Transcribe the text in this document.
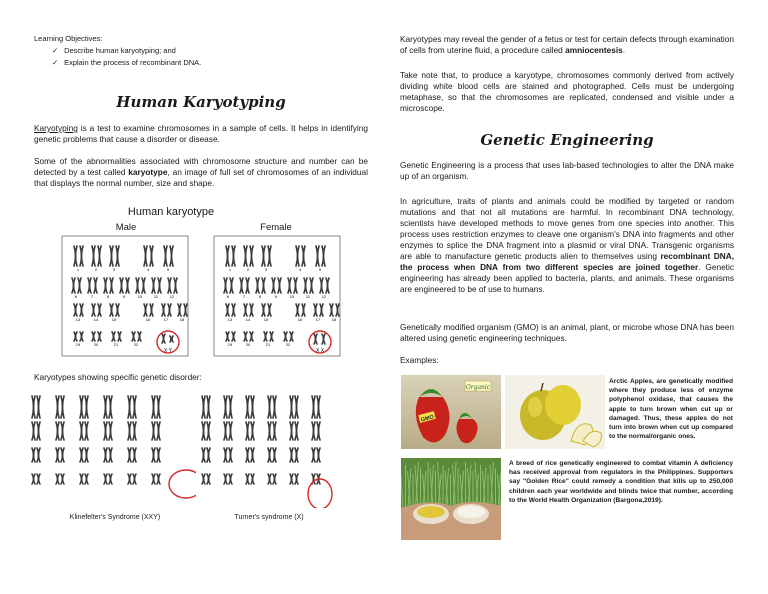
Learning Objectives:
✓ Describe human karyotyping; and
✓ Explain the process of recombinant DNA.
Human Karyotyping

Karyotyping is a test to examine chromosomes in a sample of cells. It helps in identifying genetic problems that cause a disorder or disease.

Some of the abnormalities associated with chromosome structure and number can be detected by a test called karyotype, an image of full set of chromosomes of an individual that displays the normal number, size and shape.

Human karyotype
Male	Female
1	2	3	4	5
6	7	8	9	10	11	12
13	14	15	16	17	18
19	20	21	22
1	2	3	4	5
6	7	8	9	10	11	12
13	14	15	16	17	18
19	20	21	22
X Y	X X
Karyotypes showing specific genetic disorder:
Klinefelter's Syndrome (XXY)	Turner's syndrome (X)

Karyotypes may reveal the gender of a fetus or test for certain defects through examination of cells from uterine fluid, a procedure called amniocentesis.

Take note that, to produce a karyotype, chromosomes commonly derived from actively dividing white blood cells are stained and photographed. Cells must be undergoing metaphase, so that the chromosomes are replicated, condensed and visible under a microscope.

Genetic Engineering

Genetic Engineering is a process that uses lab-based technologies to alter the DNA make up of an organism.

In agriculture, traits of plants and animals could be modified by targeted or random mutations and that not all mutations are harmful. In recombinant DNA technology, scientists have developed methods to move genes from one species into another. This process uses restriction enzymes to cleave one organism's DNA into fragments and other enzymes to splice the DNA fragment into a plasmid or viral DNA. Transgenic organisms are able to manufacture genetic products alien to themselves using recombinant DNA, the process when DNA from two different species are joined together. Genetic engineering has already been applied to bacteria, plants, and animals. These organisms are engineered to be of use to humans.

Genetically modified organism (GMO) is an animal, plant, or microbe whose DNA has been altered using genetic engineering techniques.

Examples:
GMO
Organic
Arctic Apples, are genetically modified where they produce less of enzyme polyphenol oxidase, that causes the apple to turn brown when cut up or damaged. Thus, these apples do not turn into brown when cut up compared to the normal/organic ones.
A breed of rice genetically engineered to combat vitamin A deficiency has received approval from regulators in the Philippines. Supporters say "Golden Rice" could remedy a condition that kills up to 250,000 children each year worldwide and blinds twice that number, according to the World Health Organization (Bargona,2019).
